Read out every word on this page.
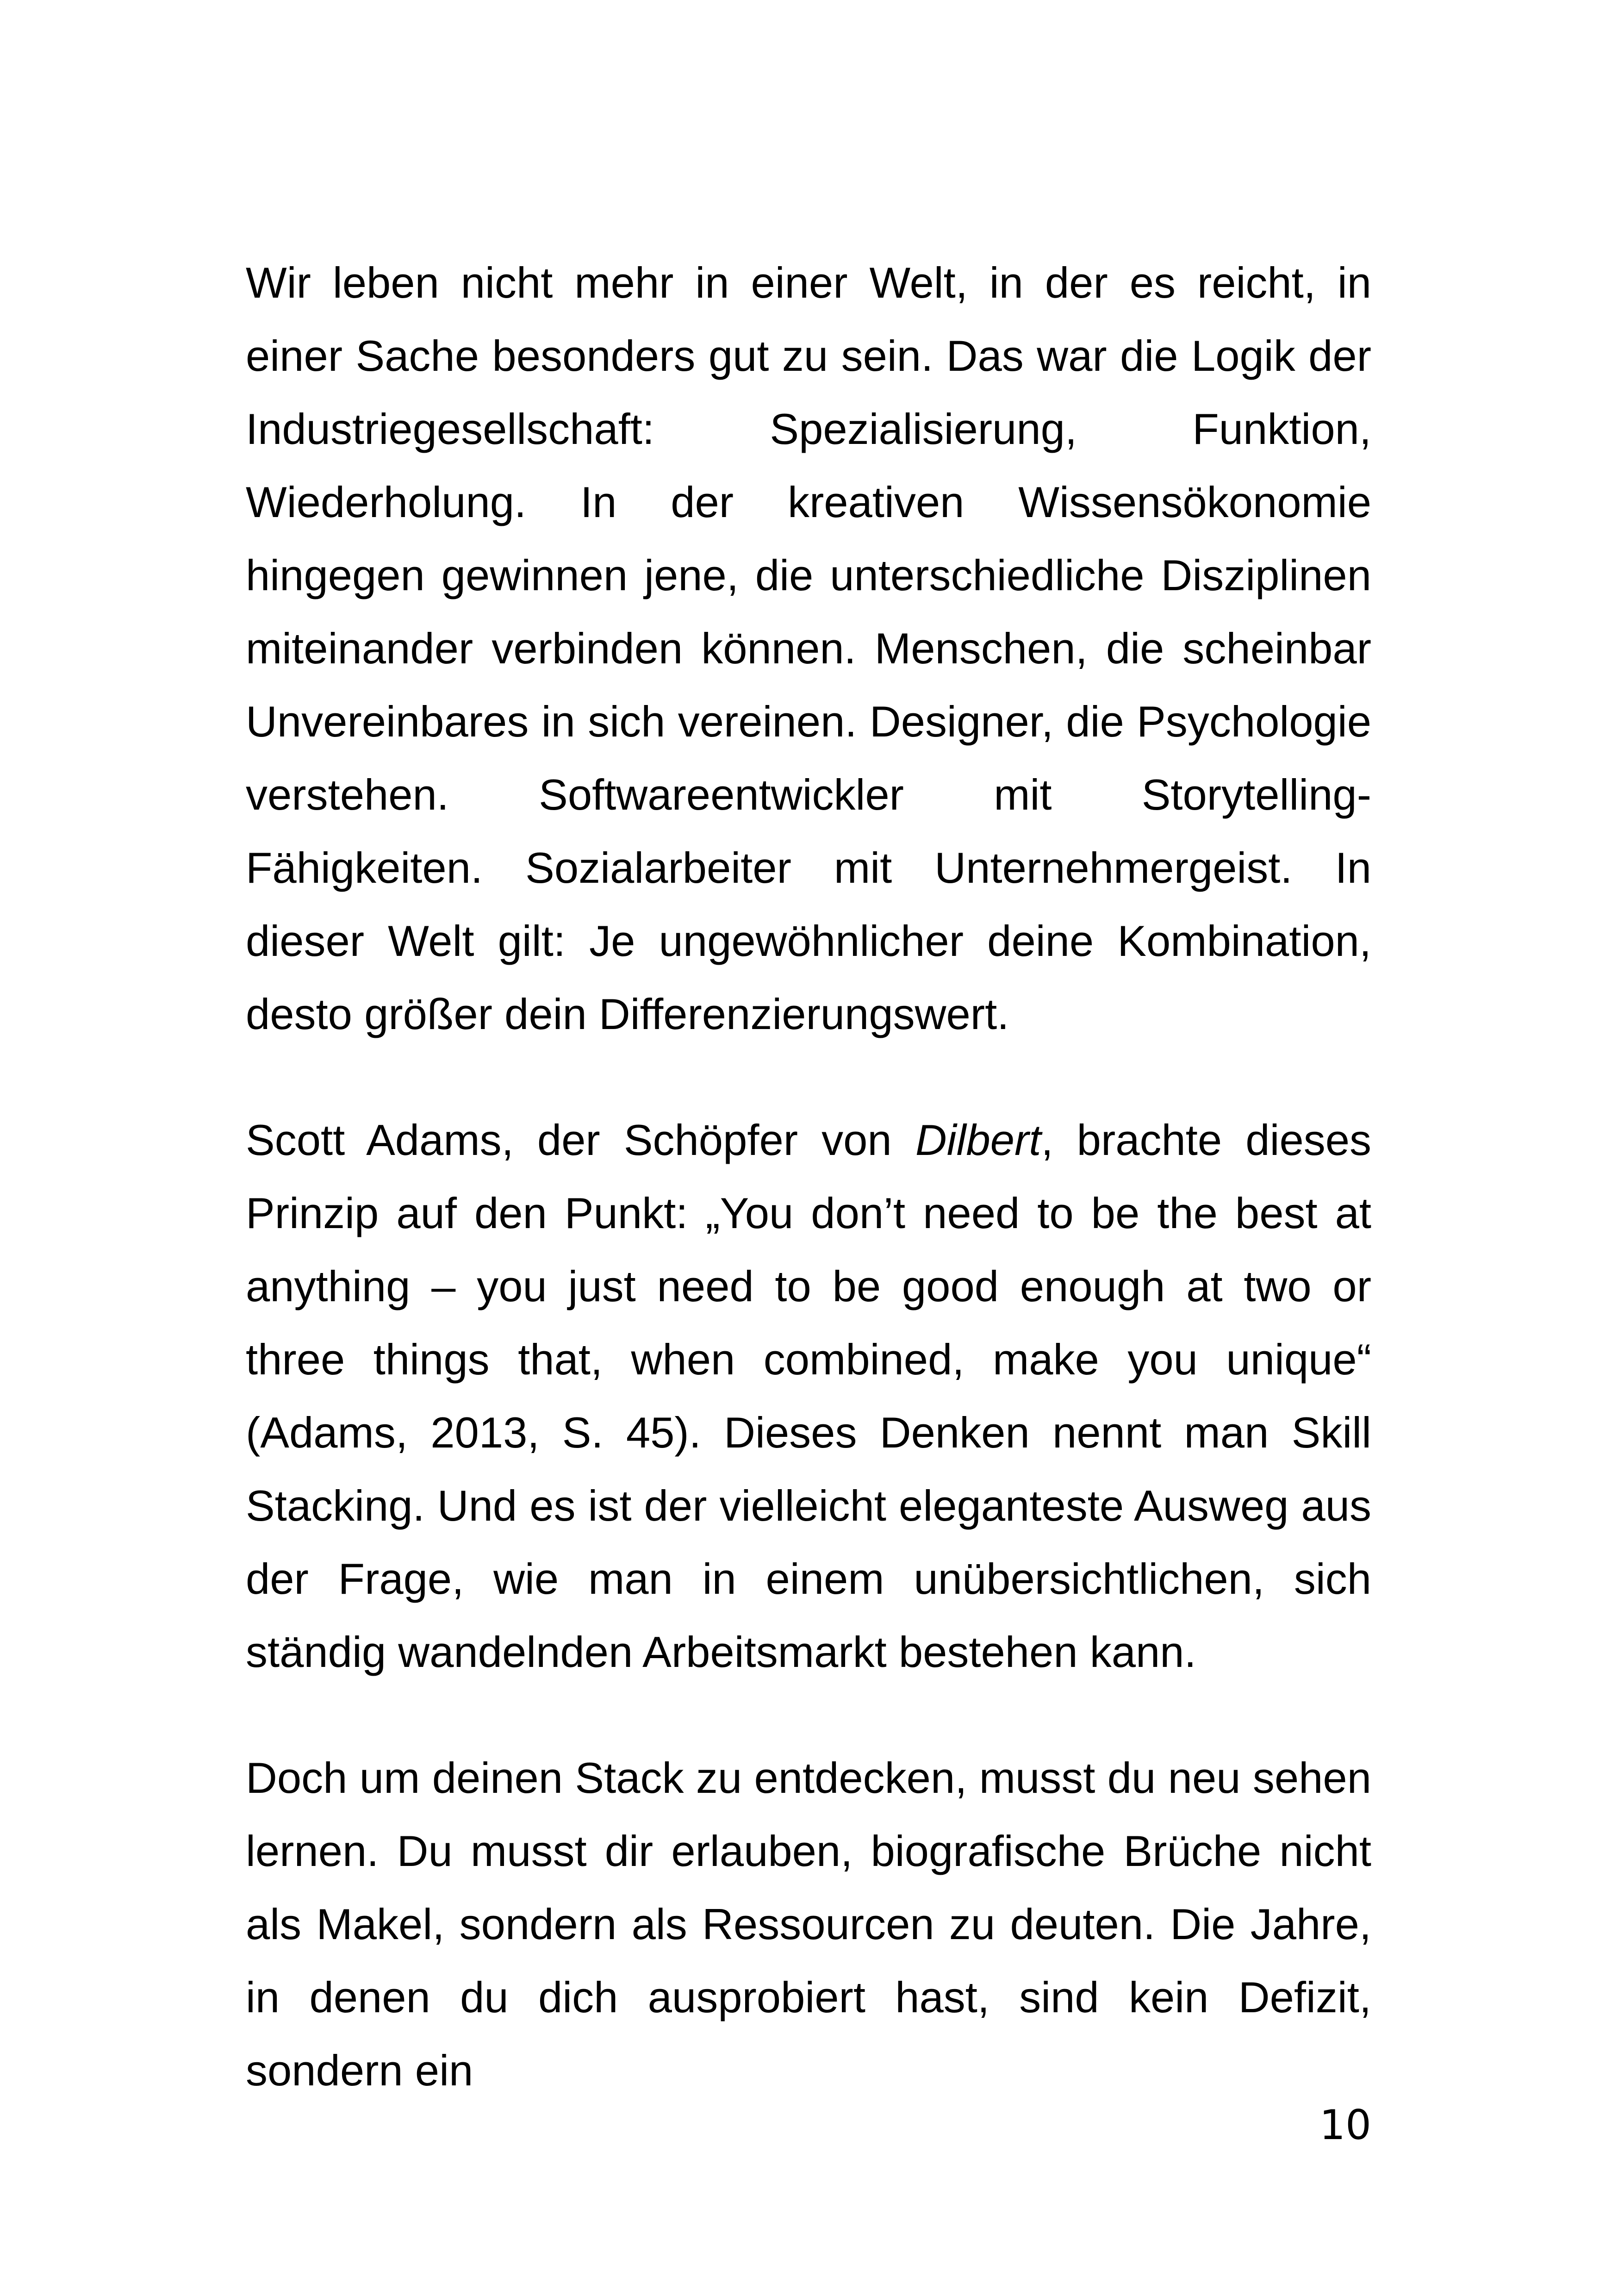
Wir leben nicht mehr in einer Welt, in der es reicht, in einer Sache besonders gut zu sein. Das war die Logik der Industriegesellschaft: Spezialisierung, Funktion, Wiederholung. In der kreativen Wissensökonomie hingegen gewinnen jene, die unterschiedliche Disziplinen miteinander verbinden können. Menschen, die scheinbar Unvereinbares in sich vereinen. Designer, die Psychologie verstehen. Softwareentwickler mit Storytelling-Fähigkeiten. Sozialarbeiter mit Unternehmergeist. In dieser Welt gilt: Je ungewöhnlicher deine Kombination, desto größer dein Differenzierungswert.

Scott Adams, der Schöpfer von Dilbert, brachte dieses Prinzip auf den Punkt: „You don’t need to be the best at anything – you just need to be good enough at two or three things that, when combined, make you unique“ (Adams, 2013, S. 45). Dieses Denken nennt man Skill Stacking. Und es ist der vielleicht eleganteste Ausweg aus der Frage, wie man in einem unübersichtlichen, sich ständig wandelnden Arbeitsmarkt bestehen kann.

Doch um deinen Stack zu entdecken, musst du neu sehen lernen. Du musst dir erlauben, biografische Brüche nicht als Makel, sondern als Ressourcen zu deuten. Die Jahre, in denen du dich ausprobiert hast, sind kein Defizit, sondern ein

10
